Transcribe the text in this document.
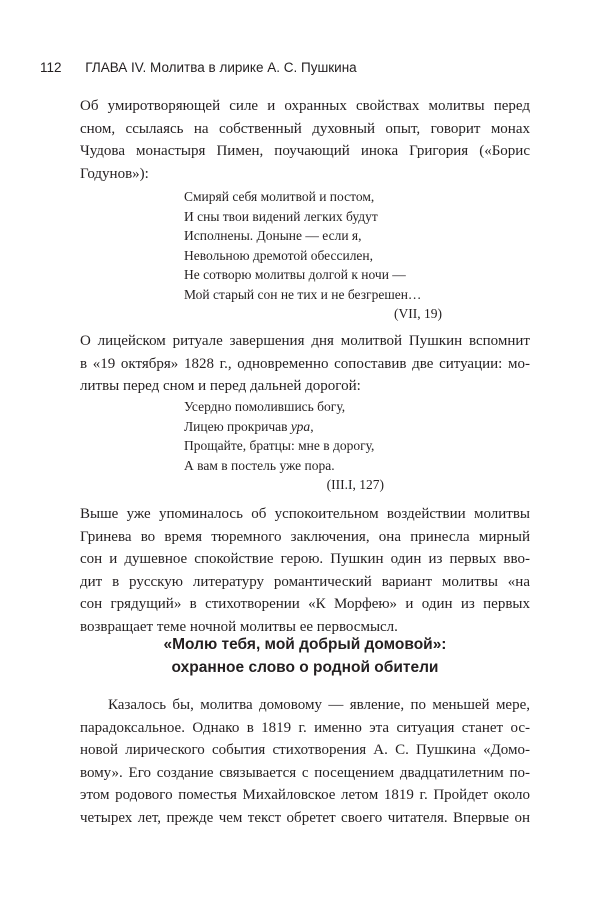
112 ГЛАВА IV. Молитва в лирике А. С. Пушкина
Об умиротворяющей силе и охранных свойствах молитвы перед
сном, ссылаясь на собственный духовный опыт, говорит монах
Чудова монастыря Пимен, поучающий инока Григория («Борис
Годунов»):
Смиряй себя молитвой и постом,
И сны твои видений легких будут
Исполнены. Доныне — если я,
Невольною дремотой обессилен,
Не сотворю молитвы долгой к ночи —
Мой старый сон не тих и не безгрешен…
(VII, 19)
О лицейском ритуале завершения дня молитвой Пушкин вспомнит
в «19 октября» 1828 г., одновременно сопоставив две ситуации: мо-
литвы перед сном и перед дальней дорогой:
Усердно помолившись богу,
Лицею прокричав ура,
Прощайте, братцы: мне в дорогу,
А вам в постель уже пора.
(III.I, 127)
Выше уже упоминалось об успокоительном воздействии молитвы
Гринева во время тюремного заключения, она принесла мирный
сон и душевное спокойствие герою. Пушкин один из первых вво-
дит в русскую литературу романтический вариант молитвы «на
сон грядущий» в стихотворении «К Морфею» и один из первых
возвращает теме ночной молитвы ее первосмысл.
«Молю тебя, мой добрый домовой»:
охранное слово о родной обители
Казалось бы, молитва домовому — явление, по меньшей мере,
парадоксальное. Однако в 1819 г. именно эта ситуация станет ос-
новой лирического события стихотворения А. С. Пушкина «Домо-
вому». Его создание связывается с посещением двадцатилетним по-
этом родового поместья Михайловское летом 1819 г. Пройдет около
четырех лет, прежде чем текст обретет своего читателя. Впервые он
